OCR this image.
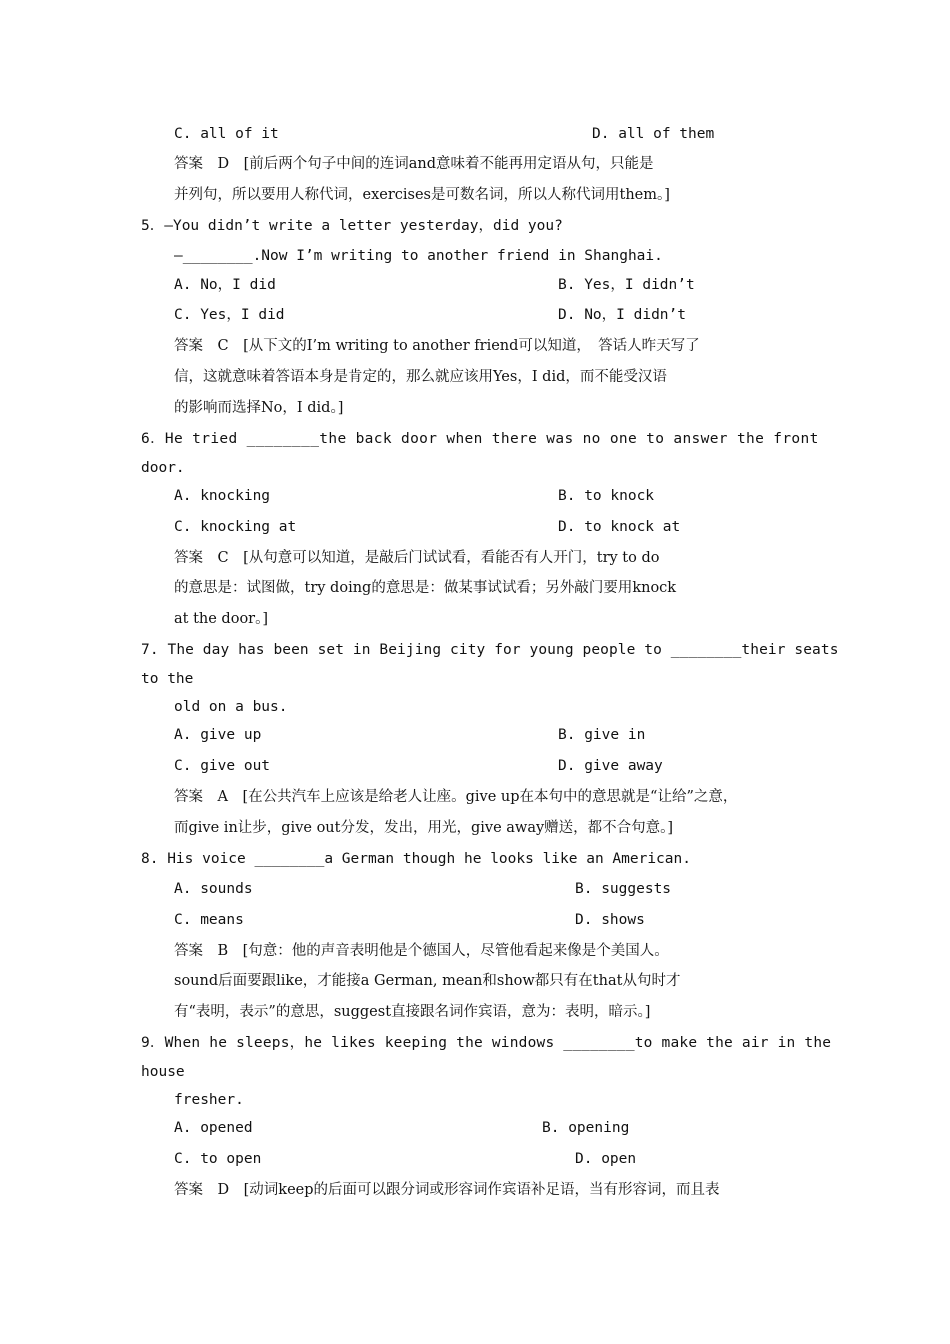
C. all of it	D. all of them
答案　D　[前后两个句子中间的连词and意味着不能再用定语从句，只能是
并列句，所以要用人称代词，exercises是可数名词，所以人称代词用them。]
5．—You didn’t write a letter yesterday，did you?
—________.Now I’m writing to another friend in Shanghai.
A. No，I did	B. Yes，I didn’t
C. Yes，I did	D. No，I didn’t
答案　C　[从下文的I’m writing to another friend可以知道，　答话人昨天写了
信，这就意味着答语本身是肯定的，那么就应该用Yes，I did，而不能受汉语
的影响而选择No，I did。]
6．He tried ________the back door when there was no one to answer the front
door.
A. knocking	B. to knock
C. knocking at	D. to knock at
答案　C　[从句意可以知道，是敲后门试试看，看能否有人开门，try to do
的意思是：试图做，try doing的意思是：做某事试试看；另外敲门要用knock
at the door。]
7. The day has been set in Beijing city for young people to ________their seats
to the
old on a bus.
A. give up	B. give in
C. give out	D. give away
答案　A　[在公共汽车上应该是给老人让座。give up在本句中的意思就是“让给”之意，
而give in让步，give out分发，发出，用光，give away赠送，都不合句意。]
8. His voice ________a German though he looks like an American.
A. sounds	B. suggests
C. means	D. shows
答案　B　[句意：他的声音表明他是个德国人，尽管他看起来像是个美国人。
sound后面要跟like，才能接a German, mean和show都只有在that从句时才
有“表明，表示”的意思，suggest直接跟名词作宾语，意为：表明，暗示。]
9．When he sleeps，he likes keeping the windows ________to make the air in the
house
fresher.
A. opened	B. opening
C. to open	D. open
答案　D　[动词keep的后面可以跟分词或形容词作宾语补足语，当有形容词，而且表
